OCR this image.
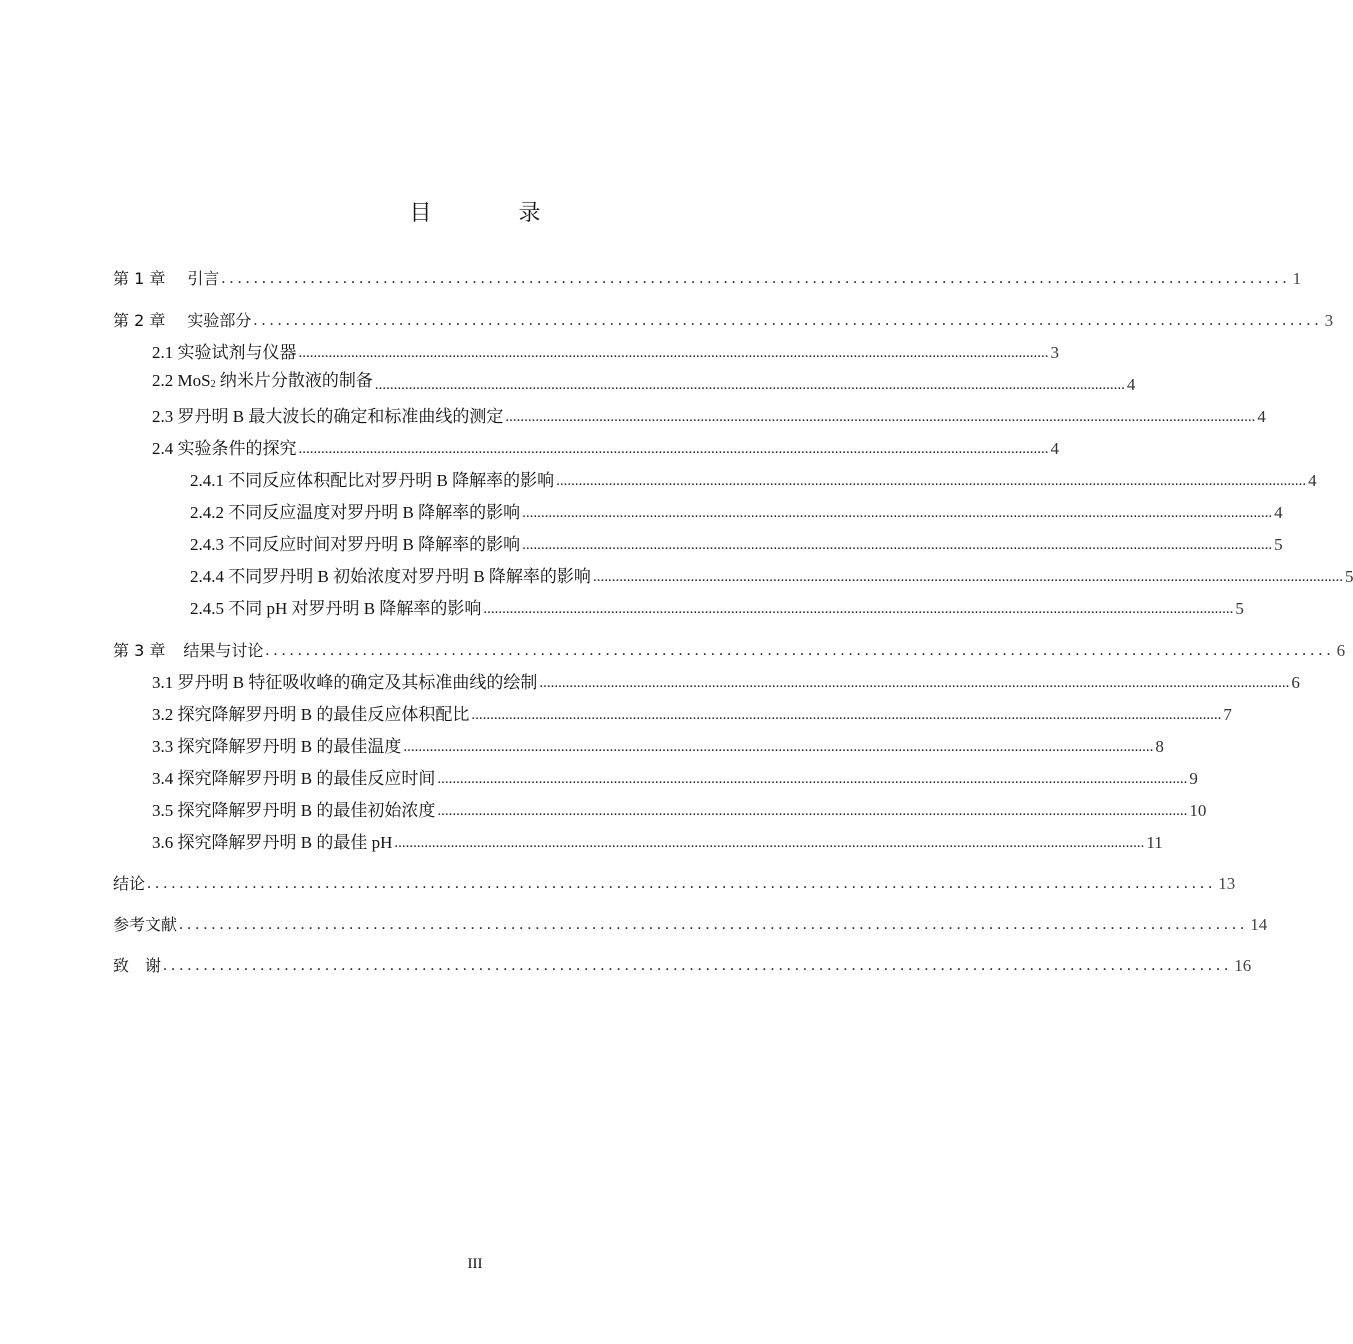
目 录
第 1 章 引言 .................................................................................................................................... 1
第 2 章 实验部分 .................................................................................................................................... 3
2.1 实验试剂与仪器 ........................................................................................................................................................................................................ 3
2.2 MoS$_2$ 纳米片分散液的制备 ........................................................................................................................................................................................................ 4
2.3 罗丹明 B 最大波长的确定和标准曲线的测定 ........................................................................................................................................................................................................ 4
2.4 实验条件的探究 ........................................................................................................................................................................................................ 4
2.4.1 不同反应体积配比对罗丹明 B 降解率的影响 ........................................................................................................................................................................................................ 4
2.4.2 不同反应温度对罗丹明 B 降解率的影响 ........................................................................................................................................................................................................ 4
2.4.3 不同反应时间对罗丹明 B 降解率的影响 ........................................................................................................................................................................................................ 5
2.4.4 不同罗丹明 B 初始浓度对罗丹明 B 降解率的影响 ........................................................................................................................................................................................................ 5
2.4.5 不同 pH 对罗丹明 B 降解率的影响 ........................................................................................................................................................................................................ 5
第 3 章 结果与讨论 .................................................................................................................................... 6
3.1 罗丹明 B 特征吸收峰的确定及其标准曲线的绘制 ........................................................................................................................................................................................................ 6
3.2 探究降解罗丹明 B 的最佳反应体积配比 ........................................................................................................................................................................................................ 7
3.3 探究降解罗丹明 B 的最佳温度 ........................................................................................................................................................................................................ 8
3.4 探究降解罗丹明 B 的最佳反应时间 ........................................................................................................................................................................................................ 9
3.5 探究降解罗丹明 B 的最佳初始浓度 ........................................................................................................................................................................................................ 10
3.6 探究降解罗丹明 B 的最佳 pH ........................................................................................................................................................................................................ 11
结论 .................................................................................................................................... 13
参考文献 .................................................................................................................................... 14
致　谢 .................................................................................................................................... 16
III
